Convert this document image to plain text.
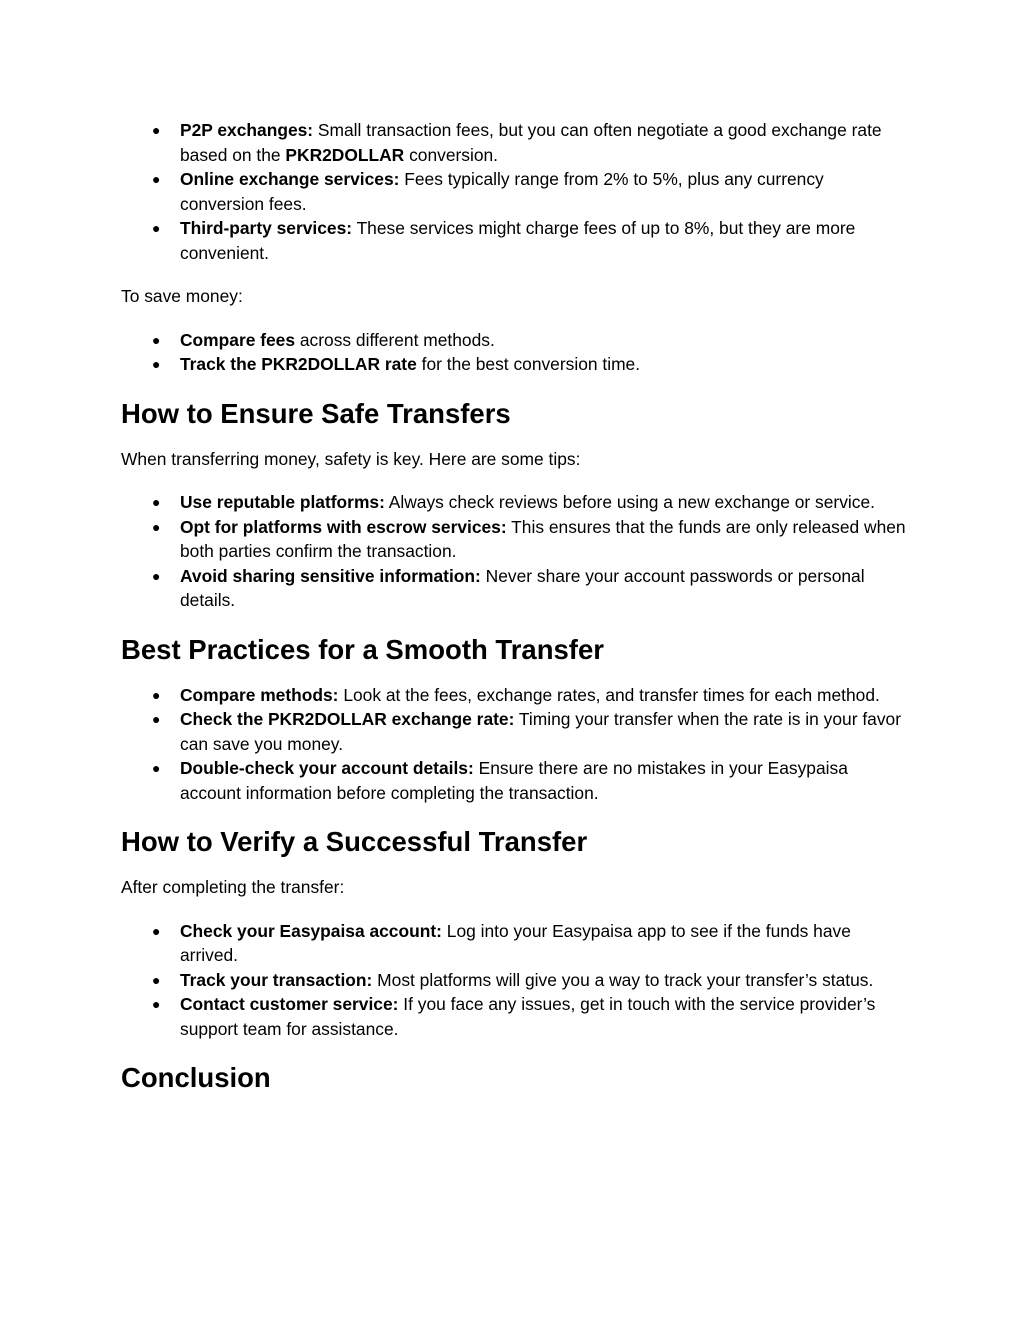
● P2P exchanges: Small transaction fees, but you can often negotiate a good exchange rate based on the PKR2DOLLAR conversion.
● Online exchange services: Fees typically range from 2% to 5%, plus any currency conversion fees.
● Third-party services: These services might charge fees of up to 8%, but they are more convenient.

To save money:

● Compare fees across different methods.
● Track the PKR2DOLLAR rate for the best conversion time.
How to Ensure Safe Transfers

When transferring money, safety is key. Here are some tips:

● Use reputable platforms: Always check reviews before using a new exchange or service.
● Opt for platforms with escrow services: This ensures that the funds are only released when both parties confirm the transaction.
● Avoid sharing sensitive information: Never share your account passwords or personal details.
Best Practices for a Smooth Transfer
● Compare methods: Look at the fees, exchange rates, and transfer times for each method.
● Check the PKR2DOLLAR exchange rate: Timing your transfer when the rate is in your favor can save you money.
● Double-check your account details: Ensure there are no mistakes in your Easypaisa account information before completing the transaction.
How to Verify a Successful Transfer

After completing the transfer:

● Check your Easypaisa account: Log into your Easypaisa app to see if the funds have arrived.
● Track your transaction: Most platforms will give you a way to track your transfer’s status.
● Contact customer service: If you face any issues, get in touch with the service provider’s support team for assistance.
Conclusion
